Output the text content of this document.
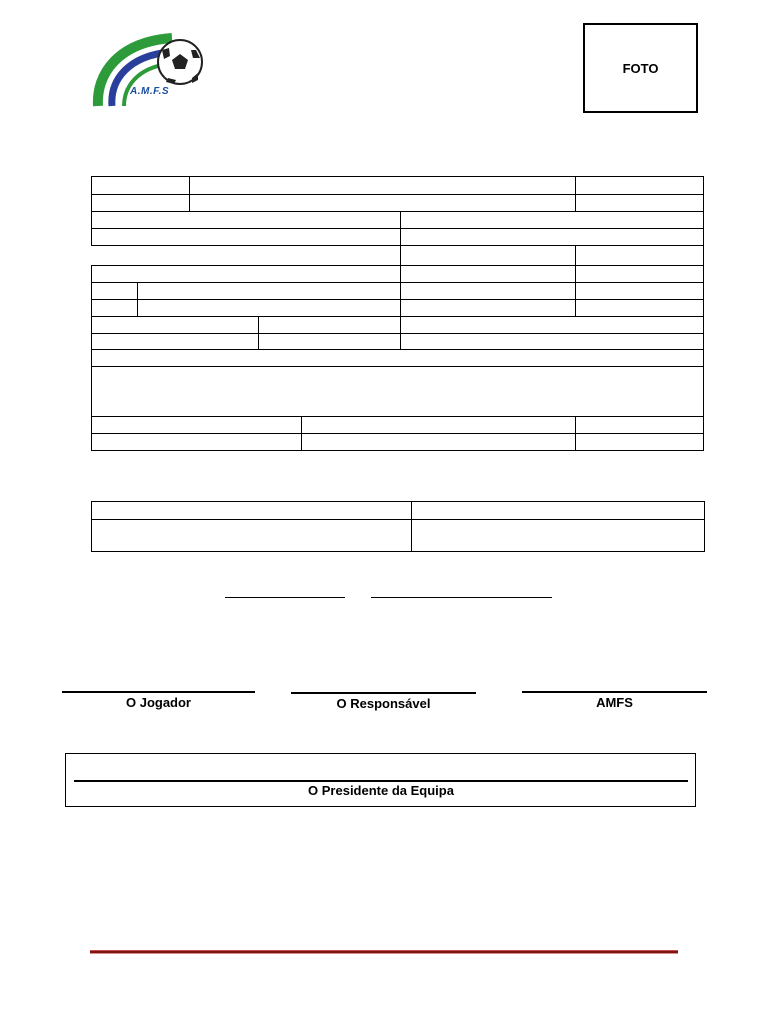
A.M.F.S
FOTO

O Jogador	O Responsável	AMFS
O Presidente da Equipa
